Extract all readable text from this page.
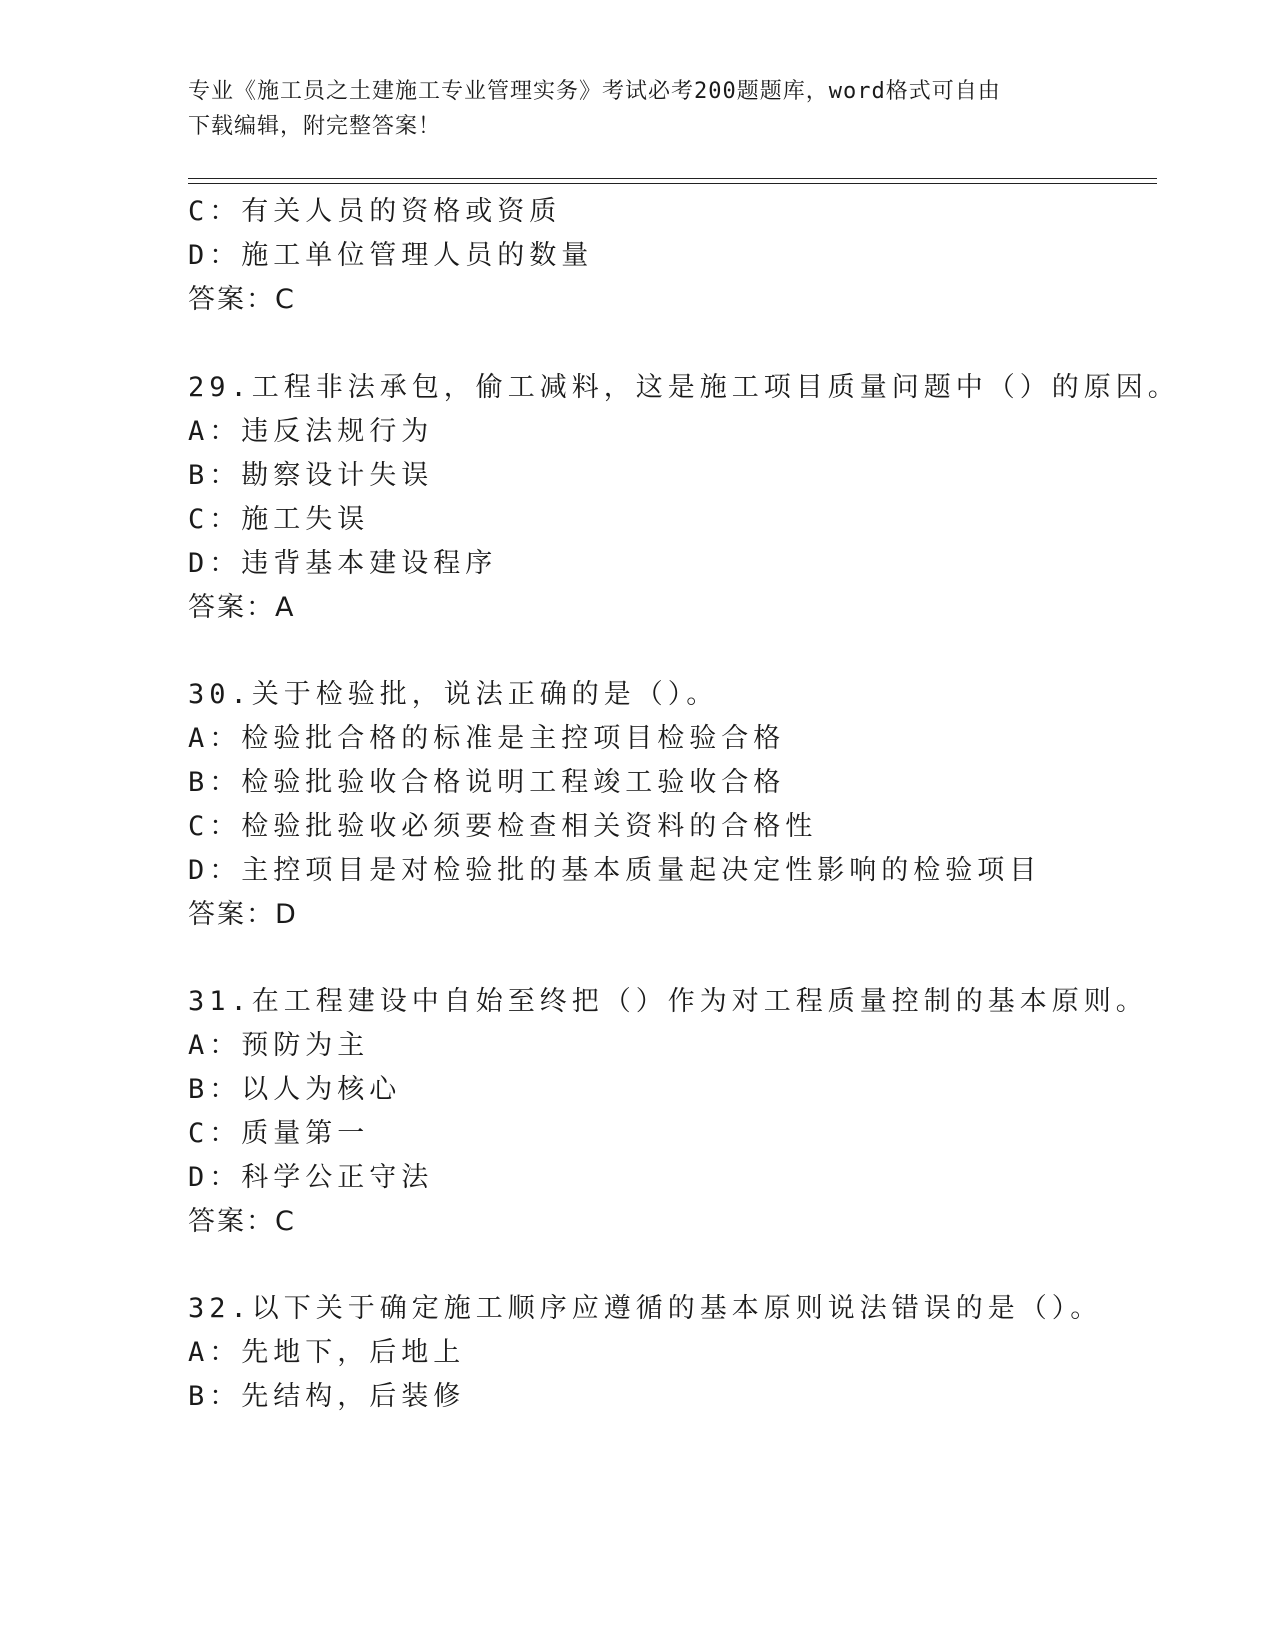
专业《施工员之土建施工专业管理实务》考试必考200题题库，word格式可自由
下载编辑，附完整答案！
C：有关人员的资格或资质
D：施工单位管理人员的数量
答案：C
29.工程非法承包，偷工减料，这是施工项目质量问题中（）的原因。
A：违反法规行为
B：勘察设计失误
C：施工失误
D：违背基本建设程序
答案：A
30.关于检验批，说法正确的是（）。
A：检验批合格的标准是主控项目检验合格
B：检验批验收合格说明工程竣工验收合格
C：检验批验收必须要检查相关资料的合格性
D：主控项目是对检验批的基本质量起决定性影响的检验项目
答案：D
31.在工程建设中自始至终把（）作为对工程质量控制的基本原则。
A：预防为主
B：以人为核心
C：质量第一
D：科学公正守法
答案：C
32.以下关于确定施工顺序应遵循的基本原则说法错误的是（）。
A：先地下，后地上
B：先结构，后装修
